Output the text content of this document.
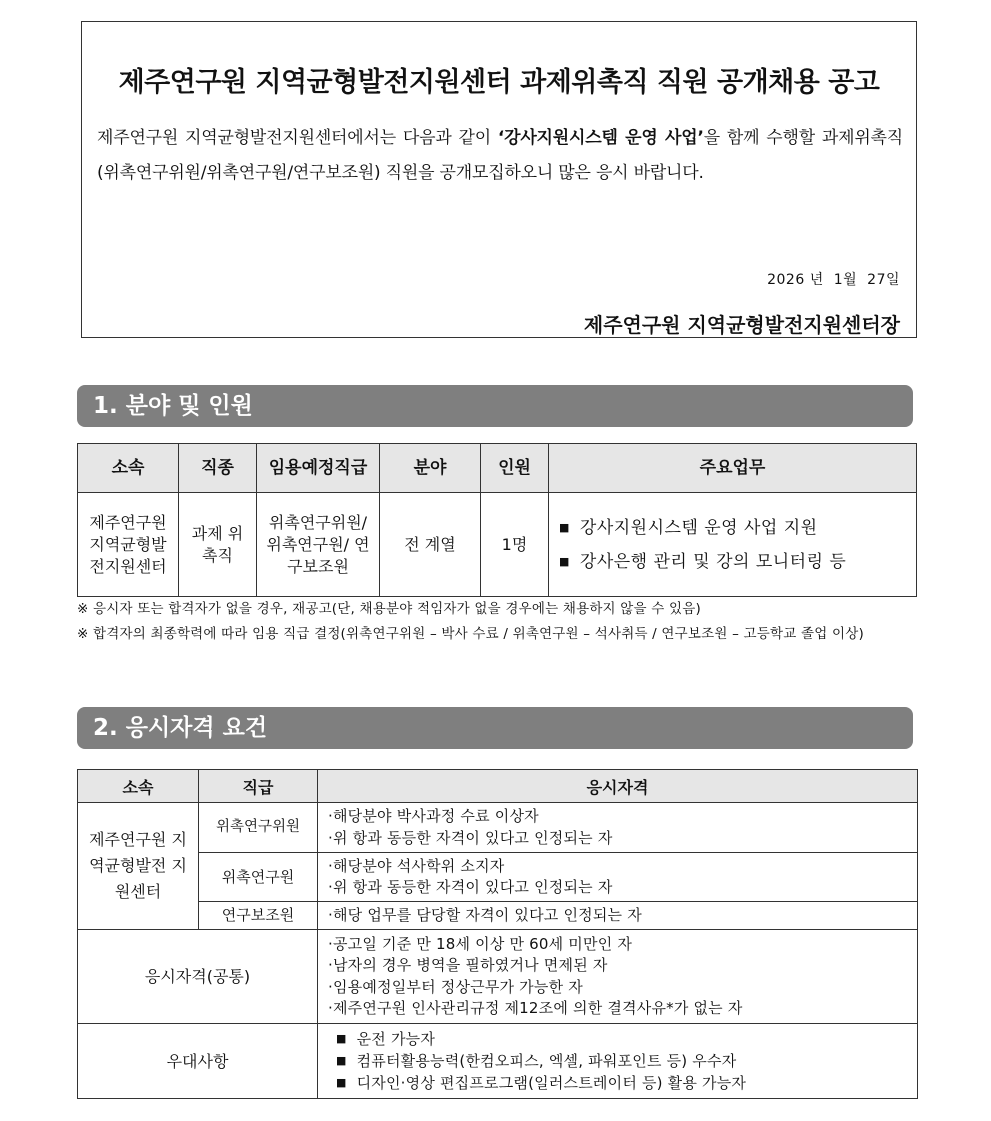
제주연구원 지역균형발전지원센터 과제위촉직 직원 공개채용 공고
제주연구원 지역균형발전지원센터에서는 다음과 같이 ‘강사지원시스템 운영 사업’을 함께 수행할 과제위촉직(위촉연구위원/위촉연구원/연구보조원) 직원을 공개모집하오니 많은 응시 바랍니다.
2026 년 1월 27일
제주연구원 지역균형발전지원센터장
1. 분야 및 인원
소속	직종	임용예정직급	분야	인원	주요업무
제주연구원 지역균형발전지원센터	과제 위촉직	위촉연구위원/ 위촉연구원/ 연구보조원	전 계열	1명	■ 강사지원시스템 운영 사업 지원
■ 강사은행 관리 및 강의 모니터링 등
※ 응시자 또는 합격자가 없을 경우, 재공고(단, 채용분야 적임자가 없을 경우에는 채용하지 않을 수 있음)
※ 합격자의 최종학력에 따라 임용 직급 결정(위촉연구위원 – 박사 수료 / 위촉연구원 – 석사취득 / 연구보조원 – 고등학교 졸업 이상)
2. 응시자격 요건
소속	직급	응시자격
제주연구원 지역균형발전 지원센터	위촉연구위원	·해당분야 박사과정 수료 이상자
·위 항과 동등한 자격이 있다고 인정되는 자

	위촉연구원	·해당분야 석사학위 소지자
·위 항과 동등한 자격이 있다고 인정되는 자

	연구보조원	·해당 업무를 담당할 자격이 있다고 인정되는 자

응시자격(공통)		·공고일 기준 만 18세 이상 만 60세 미만인 자
·남자의 경우 병역을 필하였거나 면제된 자
·임용예정일부터 정상근무가 가능한 자
·제주연구원 인사관리규정 제12조에 의한 결격사유*가 없는 자

우대사항		■ 운전 가능자
■ 컴퓨터활용능력(한컴오피스, 엑셀, 파워포인트 등) 우수자
■ 디자인·영상 편집프로그램(일러스트레이터 등) 활용 가능자
